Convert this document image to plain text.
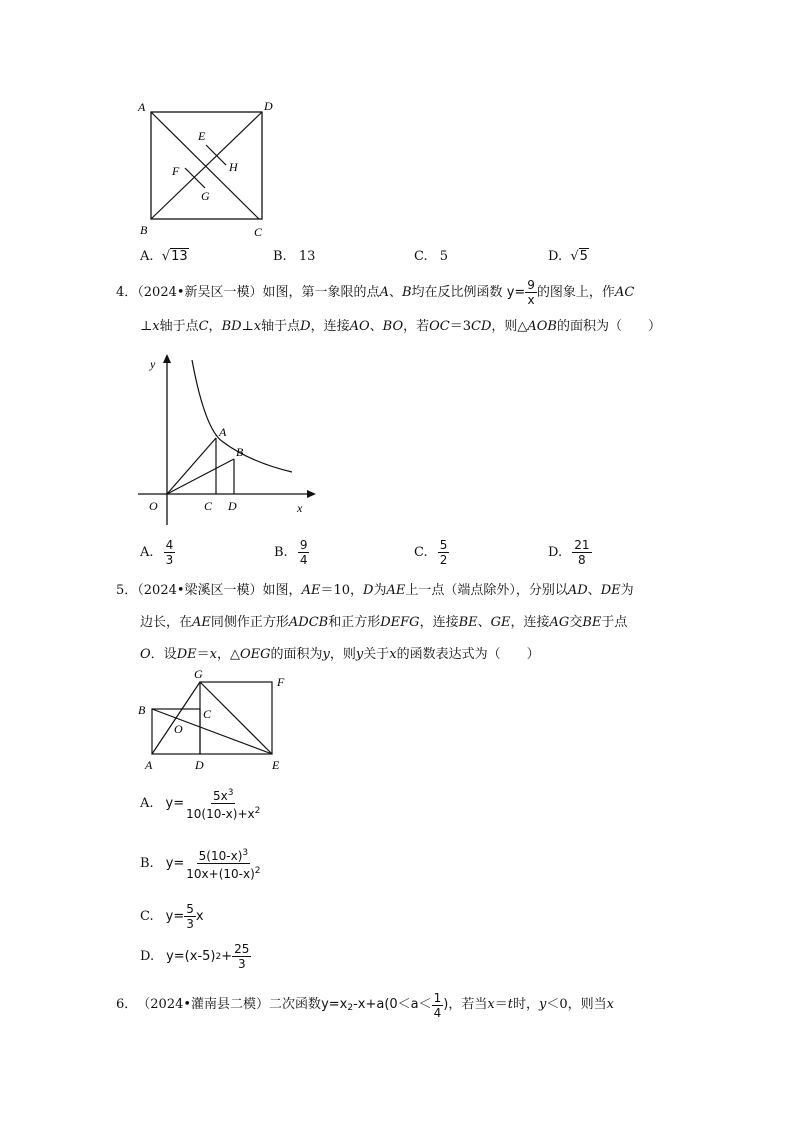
A	D
B	C
E
F
G
H
A.  √13	B. 13	C. 5	D.  √5
4．（2024•新吴区一模）如图，第一象限的点A、B均在反比例函数 $y= \frac{9}{x}$ 的图象上，作AC
⊥x轴于点C，BD⊥x轴于点D，连接AO、BO，若OC＝3CD，则△AOB的面积为（　　）
y
O	x
A
B
C D
A. $\frac{4}{3}$	B. $\frac{9}{4}$	C. $\frac{5}{2}$	D. $\frac{21}{8}$
5．（2024•梁溪区一模）如图，AE＝10，D为AE上一点（端点除外），分别以AD、DE为
边长，在AE同侧作正方形ADCB和正方形DEFG，连接BE、GE，连接AG交BE于点
O．设DE＝x，△OEG的面积为y，则y关于x的函数表达式为（　　）
G
F
B	C
O
A	D	E
A. $y= \frac{5x^3}{10(10-x)+x^2}$
B. $y= \frac{5(10-x)^3}{10x+(10-x)^2}$
C. $y= \frac{5}{3}$ x
D. y=(x-5) $2 + \frac{25}{3}$
6． （2024•灌南县二模） 二次函数 $y=x_2$ $-x+a(0<a< \frac{1}{4}$ ) ，若当 x ＝ t 时， y ＜0，则当 x
